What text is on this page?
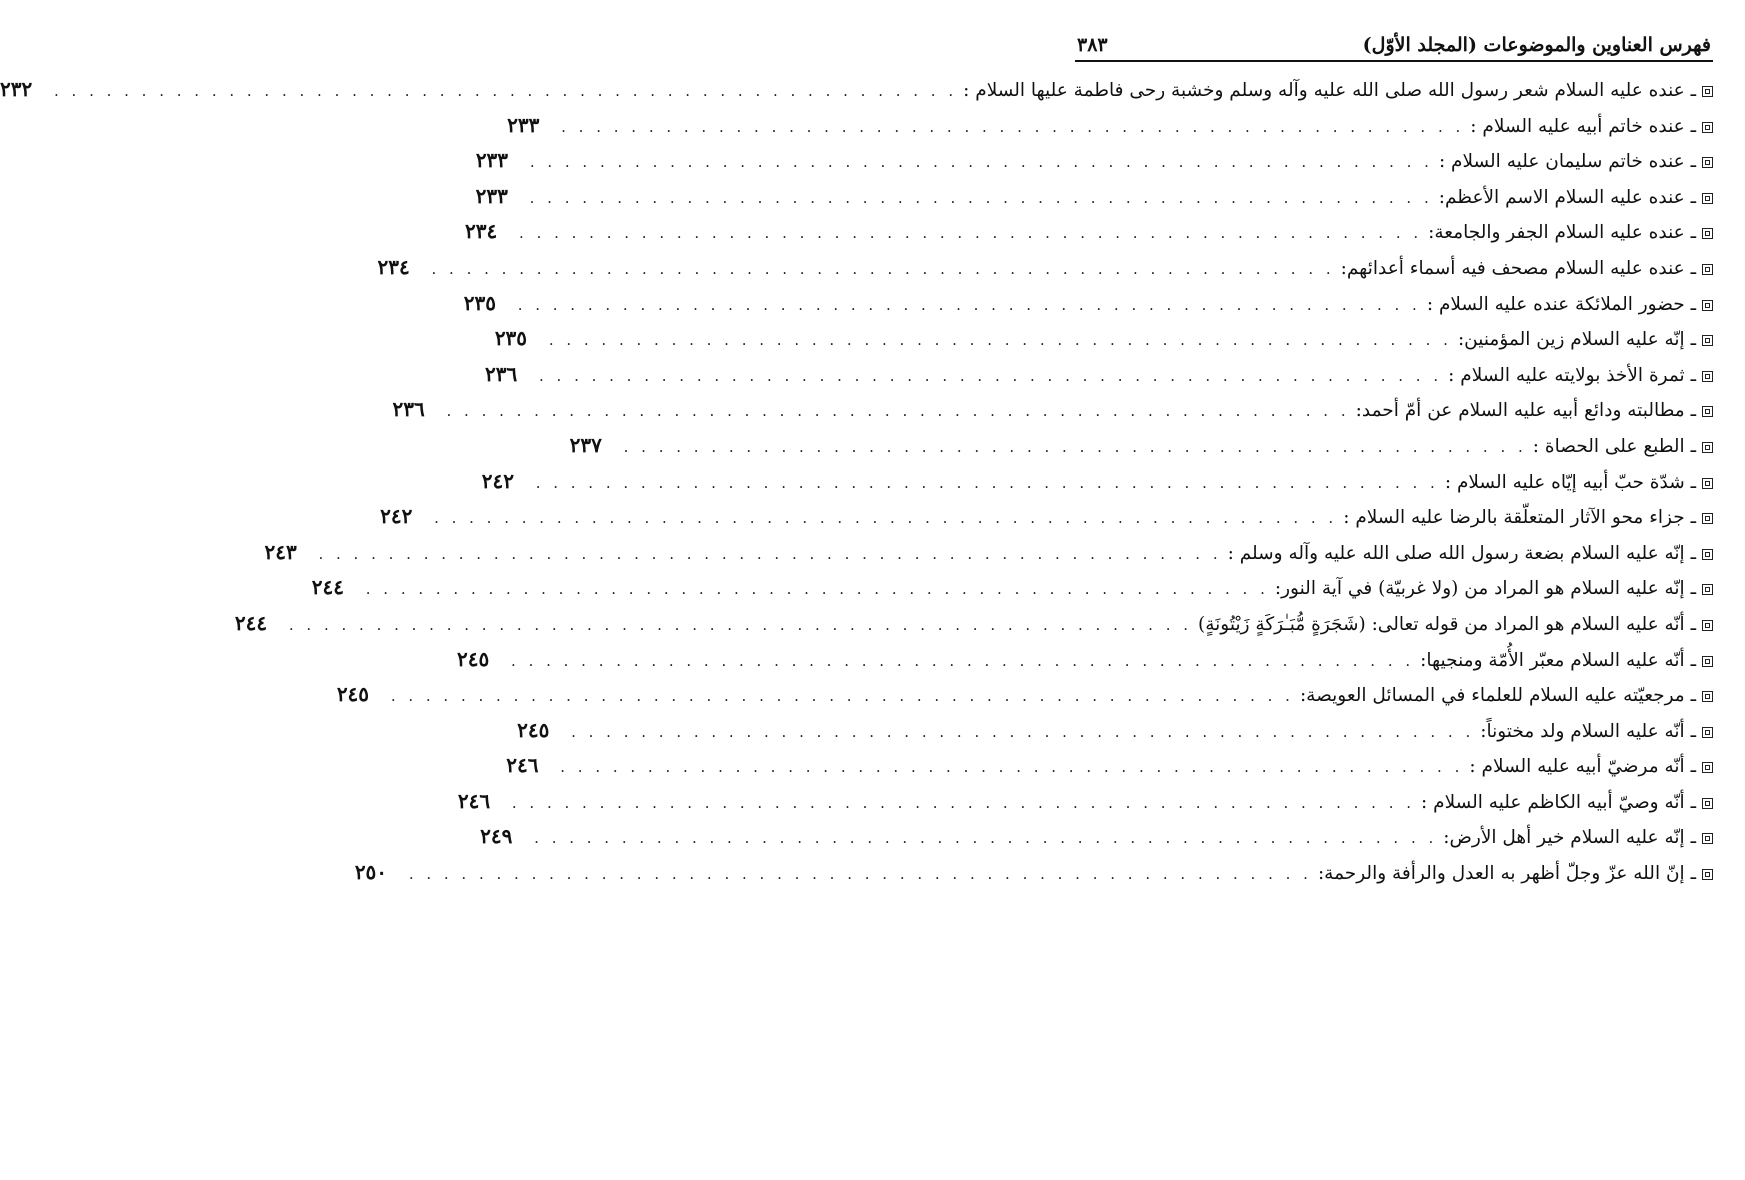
فهرس العناوين والموضوعات (المجلد الأوّل)
٣٨٣
ـ عنده عليه السلام شعر رسول الله صلى الله عليه وآله وسلم وخشبة رحى فاطمة عليها السلام :
. . . . . . . . . . . . . . . . . . . . . . . . . . . . . . . . . . . . . . . . . . . . . . . . . . . .
٢٣٢
ـ عنده خاتم أبيه عليه السلام :
. . . . . . . . . . . . . . . . . . . . . . . . . . . . . . . . . . . . . . . . . . . . . . . . . . . .
٢٣٣
ـ عنده خاتم سليمان عليه السلام :
. . . . . . . . . . . . . . . . . . . . . . . . . . . . . . . . . . . . . . . . . . . . . . . . . . . .
٢٣٣
ـ عنده عليه السلام الاسم الأعظم:
. . . . . . . . . . . . . . . . . . . . . . . . . . . . . . . . . . . . . . . . . . . . . . . . . . . .
٢٣٣
ـ عنده عليه السلام الجفر والجامعة:
. . . . . . . . . . . . . . . . . . . . . . . . . . . . . . . . . . . . . . . . . . . . . . . . . . . .
٢٣٤
ـ عنده عليه السلام مصحف فيه أسماء أعدائهم:
. . . . . . . . . . . . . . . . . . . . . . . . . . . . . . . . . . . . . . . . . . . . . . . . . . . .
٢٣٤
ـ حضور الملائكة عنده عليه السلام :
. . . . . . . . . . . . . . . . . . . . . . . . . . . . . . . . . . . . . . . . . . . . . . . . . . . .
٢٣٥
ـ إنّه عليه السلام زين المؤمنين:
. . . . . . . . . . . . . . . . . . . . . . . . . . . . . . . . . . . . . . . . . . . . . . . . . . . .
٢٣٥
ـ ثمرة الأخذ بولايته عليه السلام :
. . . . . . . . . . . . . . . . . . . . . . . . . . . . . . . . . . . . . . . . . . . . . . . . . . . .
٢٣٦
ـ مطالبته ودائع أبيه عليه السلام عن أمّ أحمد:
. . . . . . . . . . . . . . . . . . . . . . . . . . . . . . . . . . . . . . . . . . . . . . . . . . . .
٢٣٦
ـ الطبع على الحصاة :
. . . . . . . . . . . . . . . . . . . . . . . . . . . . . . . . . . . . . . . . . . . . . . . . . . . .
٢٣٧
ـ شدّة حبّ أبيه إيّاه عليه السلام :
. . . . . . . . . . . . . . . . . . . . . . . . . . . . . . . . . . . . . . . . . . . . . . . . . . . .
٢٤٢
ـ جزاء محو الآثار المتعلّقة بالرضا عليه السلام :
. . . . . . . . . . . . . . . . . . . . . . . . . . . . . . . . . . . . . . . . . . . . . . . . . . . .
٢٤٢
ـ إنّه عليه السلام بضعة رسول الله صلى الله عليه وآله وسلم :
. . . . . . . . . . . . . . . . . . . . . . . . . . . . . . . . . . . . . . . . . . . . . . . . . . . .
٢٤٣
ـ إنّه عليه السلام هو المراد من (ولا غربيّة) في آية النور:
. . . . . . . . . . . . . . . . . . . . . . . . . . . . . . . . . . . . . . . . . . . . . . . . . . . .
٢٤٤
ـ أنّه عليه السلام هو المراد من قوله تعالى: (شَجَرَةٍ مُّبَـٰرَكَةٍ زَيْتُونَةٍ)
. . . . . . . . . . . . . . . . . . . . . . . . . . . . . . . . . . . . . . . . . . . . . . . . . . . .
٢٤٤
ـ أنّه عليه السلام معبّر الأُمّة ومنجيها:
. . . . . . . . . . . . . . . . . . . . . . . . . . . . . . . . . . . . . . . . . . . . . . . . . . . .
٢٤٥
ـ مرجعيّته عليه السلام للعلماء في المسائل العويصة:
. . . . . . . . . . . . . . . . . . . . . . . . . . . . . . . . . . . . . . . . . . . . . . . . . . . .
٢٤٥
ـ أنّه عليه السلام ولد مختوناً:
. . . . . . . . . . . . . . . . . . . . . . . . . . . . . . . . . . . . . . . . . . . . . . . . . . . .
٢٤٥
ـ أنّه مرضيّ أبيه عليه السلام :
. . . . . . . . . . . . . . . . . . . . . . . . . . . . . . . . . . . . . . . . . . . . . . . . . . . .
٢٤٦
ـ أنّه وصيّ أبيه الكاظم عليه السلام :
. . . . . . . . . . . . . . . . . . . . . . . . . . . . . . . . . . . . . . . . . . . . . . . . . . . .
٢٤٦
ـ إنّه عليه السلام خير أهل الأرض:
. . . . . . . . . . . . . . . . . . . . . . . . . . . . . . . . . . . . . . . . . . . . . . . . . . . .
٢٤٩
ـ إنّ الله عزّ وجلّ أظهر به العدل والرأفة والرحمة:
. . . . . . . . . . . . . . . . . . . . . . . . . . . . . . . . . . . . . . . . . . . . . . . . . . . .
٢٥٠
